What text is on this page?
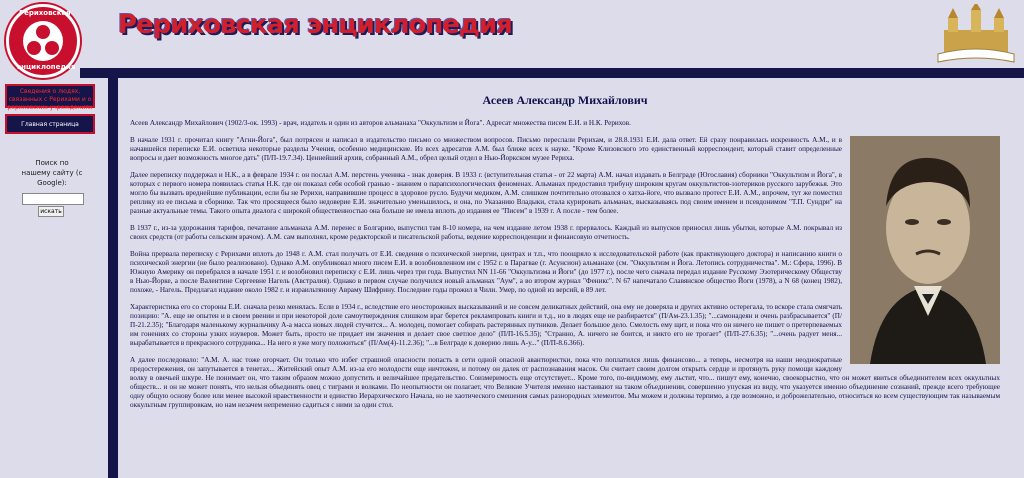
Рериховская
энциклопедия
Рериховская энциклопедия
Сведения о людях, связанных с Рерихами и о рериховских учреждениях
Главная страница
Поиск по нашему сайту (с Google):
искать
Асеев Александр Михайлович

Асеев Александр Михайлович (1902/3-ок. 1993) - врач, издатель и один из авторов альманаха "Оккультизм и Йога". Адресат множества писем Е.И. и Н.К. Рерихов.

В начале 1931 г. прочитал книгу "Агни-Йога", был потрясен и написал в издательство письмо со множеством вопросов. Письмо переслали Рерихам, и 28.8.1931 Е.И. дала ответ. Ей сразу понравилась искренность А.М., и в начавшейся переписке Е.И. осветила некоторые разделы Учения, особенно медицинские. Из всех адресатов А.М. был ближе всех к науке. "Кроме Клизовского это единственный корреспондент, который ставит определенные вопросы и дает возможность многое дать" (П/П-19.7.34). Ценнейший архив, собранный А.М., обрел целый отдел в Нью-Йоркском музее Рериха.

Далее переписку поддержал и Н.К., а в феврале 1934 г. он послал А.М. перстень ученика - знак доверия. В 1933 г. (вступительная статья - от 22 марта) А.М. начал издавать в Белграде (Югославия) сборники "Оккультизм и Йога", в которых с первого номера появилась статья Н.К. где он показал себя особой гранью - знанием о парапсихологических феноменах. Альманах предоставил трибуну широким кругам оккультистов-эзотериков русского зарубежья. Это могло бы вызвать вреднейшие публикации, если бы не Рерихи, направившие процесс в здоровое русло. Будучи медиком, А.М. слишком почтительно отозвался о хатха-йоге, что вызвало протест Е.И. А.М., впрочем, тут же поместил реплику из ее письма в сборнике. Так что просящееся было недоверие Е.И. значительно уменьшилось, и она, по Указанию Владыки, стала курировать альманах, высказываясь под своим именем и псевдонимом "Т.П. Сундри" на разные актуальные темы. Такого опыта диалога с широкой общественностью она больше не имела вплоть до издания ее "Писем" в 1939 г. А после - тем более.

В 1937 г., из-за удорожания тарифов, печатание альманаха А.М. перенес в Болгарию, выпустил там 8-10 номера, на чем издание летом 1938 г. прервалось. Каждый из выпусков приносил лишь убытки, которые А.М. покрывал из своих средств (от работы сельским врачом). А.М. сам выполнял, кроме редакторской и писательской работы, ведение корреспонденции и финансовую отчетность.

Война прервала переписку с Рерихами вплоть до 1948 г. А.М. стал получать от Е.И. сведения о психической энергии, центрах и т.п., что поощряло к исследовательской работе (как практикующего доктора) и написанию книги о психической энергии (не было реализовано). Однако А.М. опубликовал много писем Е.И. в возобновленном им с 1952 г. в Парагвае (г. Асунсион) альманахе (см. "Оккультизм и Йога. Летопись сотрудничества". М.: Сфера, 1996). В Южную Америку он перебрался в начале 1951 г. и возобновил переписку с Е.И. лишь через три года. Выпустил NN 11-66 "Оккультизма и Йоги" (до 1977 г.), после чего сначала передал издание Русскому Эзотерическому Обществу в Нью-Йорке, а после Валентине Сергеевне Нагель (Австралия). Однако в первом случае получился новый альманах "Аум", а во втором журнал "Феникс". N 67 напечатало Славянское общество Йоги (1978), а N 68 (конец 1982), похоже, - Нагель. Предлагал издание около 1982 г. и израильтянину Авраму Шифрину. Последние годы прожил в Чили. Умер, по одной из версий, в 89 лет.

Характеристика его со стороны Е.И. сначала резко менялась. Если в 1934 г., вследствие его неосторожных высказываний и не совсем деликатных действий, она ему не доверяла и других активно остерегала, то вскоре стала смягчать позицию: "А. еще не опытен и в своем рвении и при некоторой доле самоутверждения слишком враг берется реклампровать книги и т.д., но в людях еще не разбирается" (П/Ам-23.1.35); "...самонадеян и очень разбрасывается" (П/П-21.2.35); "Благодаря маленькому журнальчику А-а масса новых людей стучится... А. молодец, помогает собирать растерянных путников. Делает большое дело. Смелость ему щит, и пока что он ничего не пишет о претерпеваемых им гонениях со стороны узких изуверов. Может быть, просто не придает им значения и делает свое светлое дело" (П/П-16.5.35); "Странно, А. ничего не боится, и никто его не трогает" (П/П-27.6.35); "...очень радует меня... вырабатывается в прекрасного сотрудника... На него я уже могу положиться" (П/Ам(4)-11.2.36); "...в Белграде к доверию лишь А-у..." (П/П-8.6.366).

А далее последовало: "А.М. А. нас тоже огорчает. Он только что избег страшной опасности попасть в сети одной опасной авантюристки, пока что поплатился лишь финансово... а теперь, несмотря на наши неоднократные предостережения, он запутывается в тенетах... Житейский опыт А.М. из-за его молодости еще ничтожен, и потому он далек от распознавания масок. Он считает своим долгом открыть сердце и протянуть руку помощи каждому волку в овечьей шкуре. Не понимает он, что таким образом можно допустить и величайшее предательство. Соизмеримость еще отсутствует... Кроме того, по-видимому, ему льстит, что... пишут ему, конечно, своекорыстно, что он может явиться объединителем всех оккультных обществ... и он не может понять, что нельзя объединять овец с тиграми и волками. По неопытности он полагает, что Великие Учителя именно настаивают на таком объединении, совершенно упуская из виду, что указуется именно объединение сознаний, прежде всего требующее одну общую основу более или менее высокой нравственности и единство Иерархического Начала, но не хаотического смешения самых разнородных элементов. Мы можем и должны терпимо, а где возможно, и доброжелательно, относиться ко всем существующим так называемым оккультным группировкам, но нам незачем непременно садиться с ними за один стол.
